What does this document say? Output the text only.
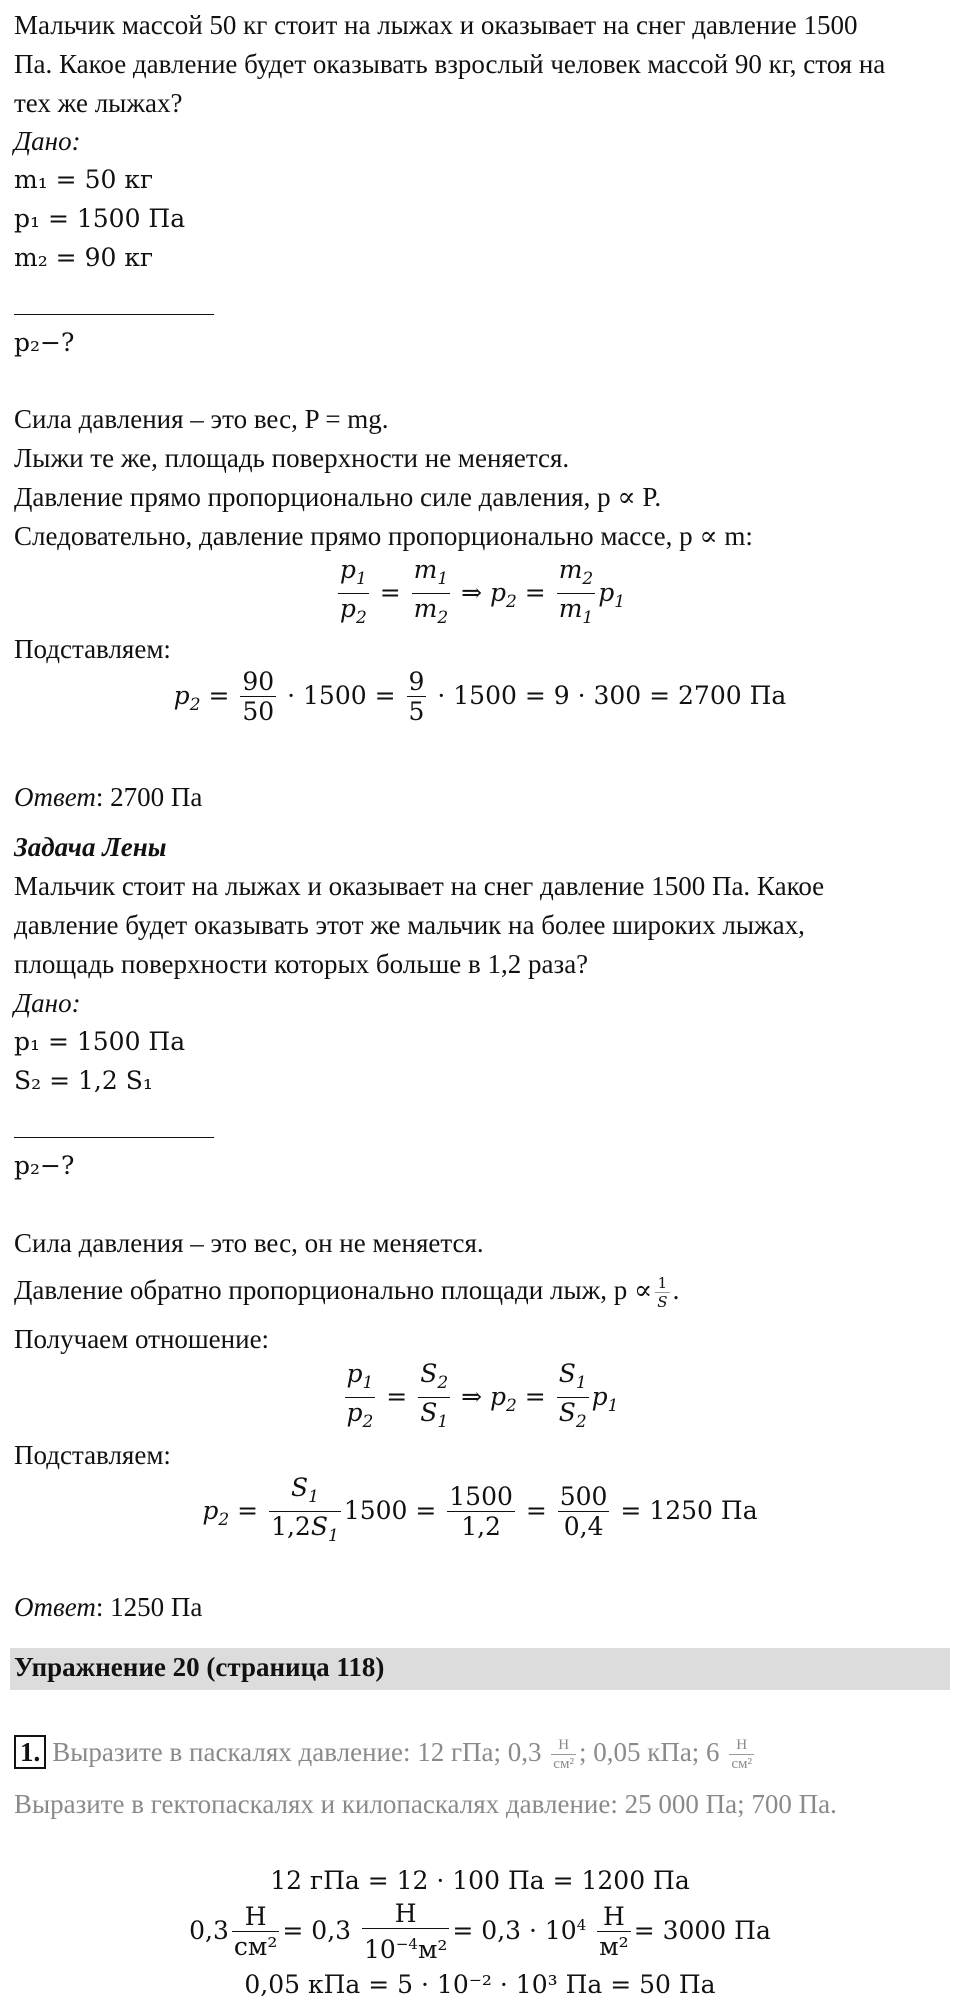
Мальчик массой 50 кг стоит на лыжах и оказывает на снег давление 1500
Па. Какое давление будет оказывать взрослый человек массой 90 кг, стоя на
тех же лыжах?
Дано:
m₁ = 50 кг
p₁ = 1500 Па
m₂ = 90 кг
p₂−?
Сила давления – это вес, P = mg.
Лыжи те же, площадь поверхности не меняется.
Давление прямо пропорционально силе давления, p ∝ P.
Следовательно, давление прямо пропорционально массе, p ∝ m:
$\frac{p_1}{p_2} = \frac{m_1}{m_2}$ ⇒ $p_2 = \frac{m_2}{m_1} p_1$
Подставляем:
$p_2 = \frac{90}{50} \cdot 1500 = \frac{9}{5} \cdot 1500 = 9 \cdot 300 = 2700$ Па
Ответ: 2700 Па
Задача Лены
Мальчик стоит на лыжах и оказывает на снег давление 1500 Па. Какое
давление будет оказывать этот же мальчик на более широких лыжах,
площадь поверхности которых больше в 1,2 раза?
Дано:
p₁ = 1500 Па
S₂ = 1,2 S₁
p₂−?
Сила давления – это вес, он не меняется.
Давление обратно пропорционально площади лыж, $p \propto \frac{1}{S}$ .
Получаем отношение:
$\frac{p_1}{p_2} = \frac{S_2}{S_1}$ ⇒ $p_2 = \frac{S_1}{S_2} p_1$
Подставляем:
$p_2 = \frac{S_1}{1,2S_1} 1500 = \frac{1500}{1,2} = \frac{500}{0,4} = 1250$ Па
Ответ: 1250 Па
Упражнение 20 (страница 118)
1. Выразите в паскалях давление: 12 гПа; $0,3 \frac{Н}{\text{см²}}$ ; 0,05 кПа; $6 \frac{Н}{\text{см²}}$
Выразите в гектопаскалях и килопаскалях давление: 25 000 Па; 700 Па.
12 гПа = 12 · 100 Па = 1200 Па
$0,3 \frac{Н}{\text{см²}} = 0,3 \frac{Н}{10^{-4}м^2} = 0,3 \cdot 10^4 \frac{Н}{\text{м²}} = 3000$ Па
0,05 кПа = 5 · 10⁻² · 10³ Па = 50 Па
